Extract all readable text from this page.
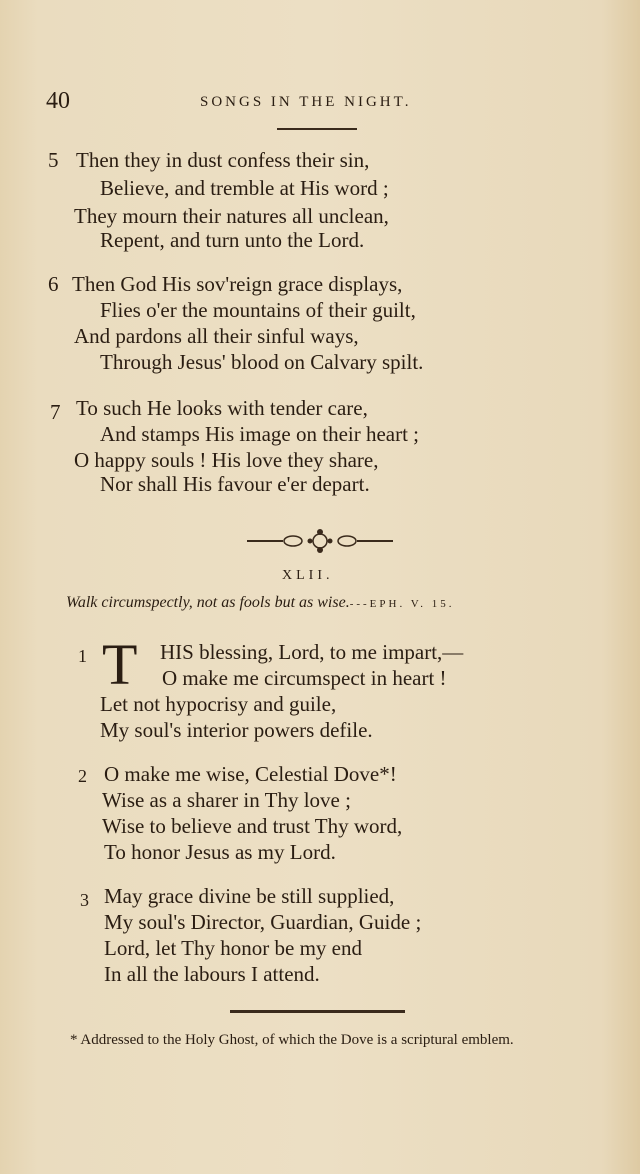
40	SONGS IN THE NIGHT.
5 Then they in dust confess their sin,
Believe, and tremble at His word ;
They mourn their natures all unclean,
Repent, and turn unto the Lord.
6 Then God His sov'reign grace displays,
Flies o'er the mountains of their guilt,
And pardons all their sinful ways,
Through Jesus' blood on Calvary spilt.
7 To such He looks with tender care,
And stamps His image on their heart ;
O happy souls ! His love they share,
Nor shall His favour e'er depart.
XLII.
Walk circumspectly, not as fools but as wise.---EPH. V. 15.
1 T HIS blessing, Lord, to me impart,—
O make me circumspect in heart !
Let not hypocrisy and guile,
My soul's interior powers defile.
2 O make me wise, Celestial Dove*!
Wise as a sharer in Thy love ;
Wise to believe and trust Thy word,
To honor Jesus as my Lord.
3 May grace divine be still supplied,
My soul's Director, Guardian, Guide ;
Lord, let Thy honor be my end
In all the labours I attend.
* Addressed to the Holy Ghost, of which the Dove is a scriptural emblem.
